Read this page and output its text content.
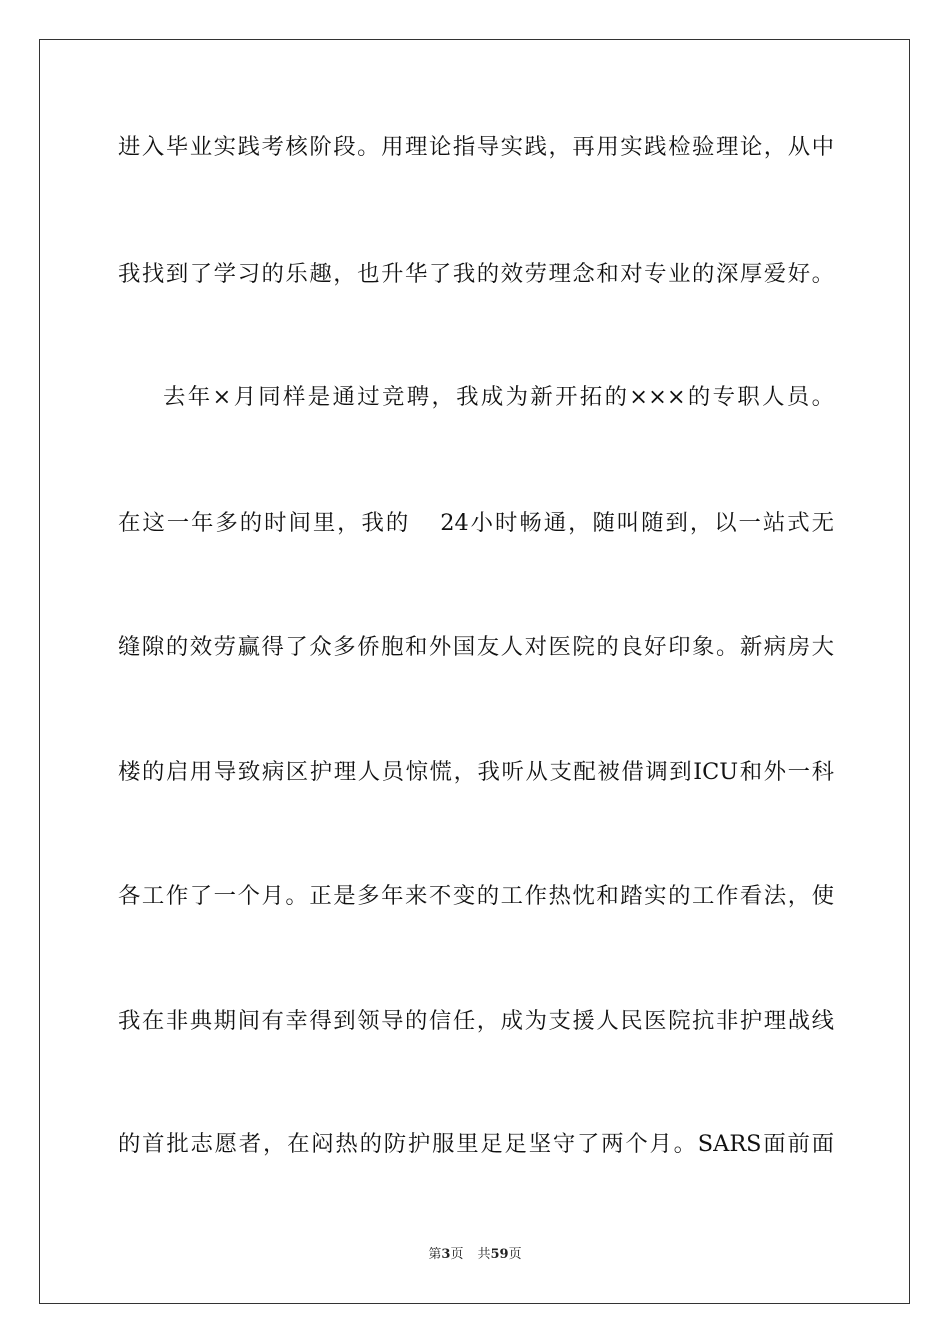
进入毕业实践考核阶段。用理论指导实践，再用实践检验理论，从中
我找到了学习的乐趣，也升华了我的效劳理念和对专业的深厚爱好。
去年×月同样是通过竞聘，我成为新开拓的×××的专职人员。
在这一年多的时间里，我的 24小时畅通，随叫随到，以一站式无
缝隙的效劳赢得了众多侨胞和外国友人对医院的良好印象。新病房大
楼的启用导致病区护理人员惊慌，我听从支配被借调到ICU和外一科
各工作了一个月。正是多年来不变的工作热忱和踏实的工作看法，使
我在非典期间有幸得到领导的信任，成为支援人民医院抗非护理战线
的首批志愿者，在闷热的防护服里足足坚守了两个月。SARS面前面
第3页 共59页
